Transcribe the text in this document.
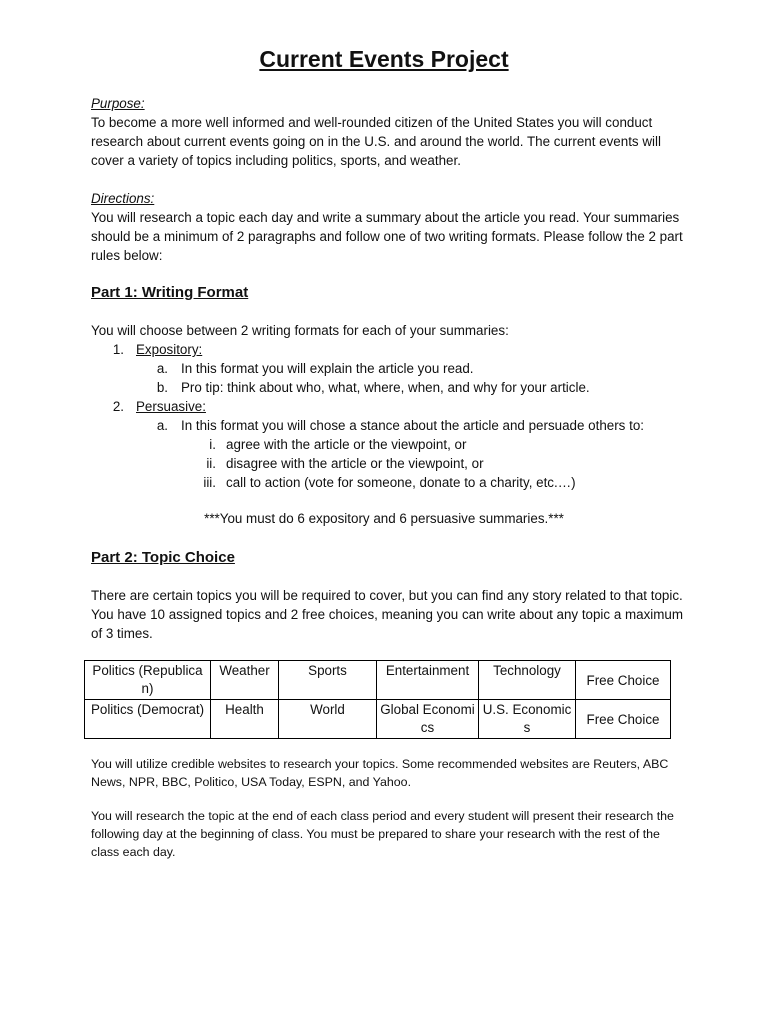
Current Events Project

Purpose:

To become a more well informed and well-rounded citizen of the United States you will conduct research about current events going on in the U.S. and around the world. The current events will cover a variety of topics including politics, sports, and weather.

Directions:

You will research a topic each day and write a summary about the article you read. Your summaries should be a minimum of 2 paragraphs and follow one of two writing formats. Please follow the 2 part rules below:

Part 1: Writing Format
You will choose between 2 writing formats for each of your summaries:
1. Expository:
a. In this format you will explain the article you read.
b. Pro tip: think about who, what, where, when, and why for your article.
2. Persuasive:
a. In this format you will chose a stance about the article and persuade others to:
i. agree with the article or the viewpoint, or
ii. disagree with the article or the viewpoint, or
iii. call to action (vote for someone, donate to a charity, etc.…)
***You must do 6 expository and 6 persuasive summaries.***
Part 2: Topic Choice
There are certain topics you will be required to cover, but you can find any story related to that topic. You have 10 assigned topics and 2 free choices, meaning you can write about any topic a maximum of 3 times.
Politics (Republican)	Weather	Sports	Entertainment	Technology	Free Choice
Politics (Democrat)	Health	World	Global Economics	U.S. Economics	Free Choice
You will utilize credible websites to research your topics. Some recommended websites are Reuters, ABC News, NPR, BBC, Politico, USA Today, ESPN, and Yahoo.
You will research the topic at the end of each class period and every student will present their research the following day at the beginning of class. You must be prepared to share your research with the rest of the class each day.
